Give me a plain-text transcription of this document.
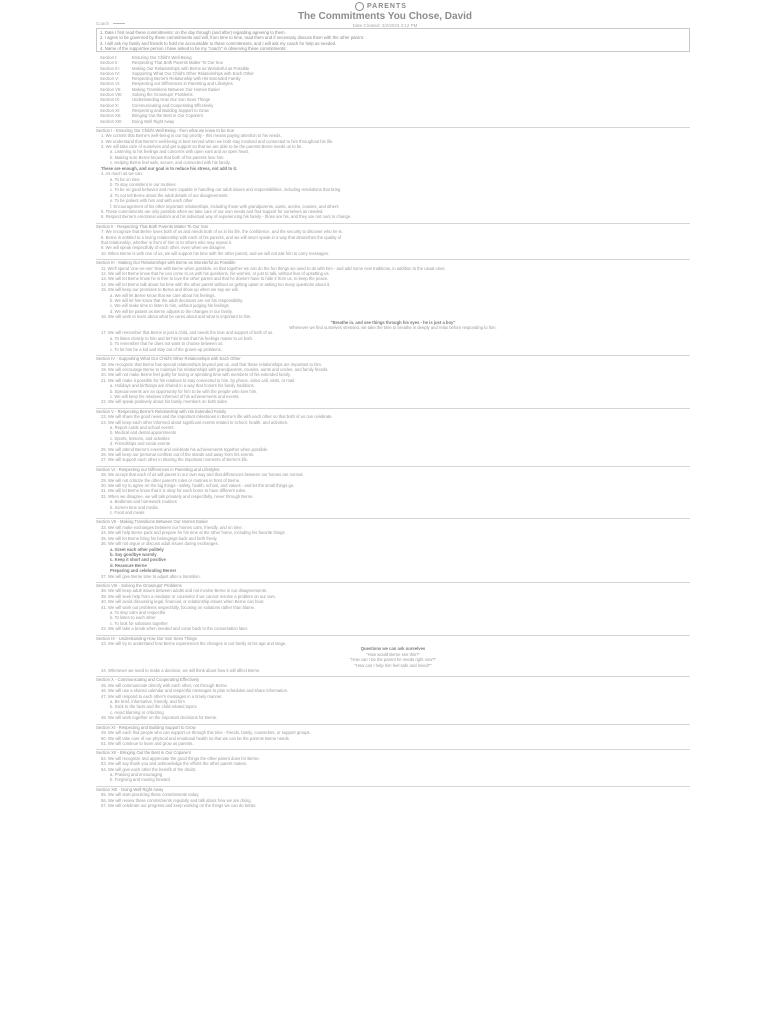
PARENTS
The Commitments You Chose, David
Coach	Date Created: 3/2/2023 3:12 PM
1. Date I first read these commitments: on the day through (and after) regarding agreeing to them.
2. I agree to be governed by these commitments and will, from time to time, read them and if necessary discuss them with the other parent.
3. I will ask my family and friends to hold me accountable to these commitments, and I will ask my coach for help as needed.
4. Name of the supportive person I have asked to be my "coach" in observing these commitments:
Section I:	Ensuring Our Child's Well-Being
Section II:	Respecting That Both Parents Matter To Our Son
Section III:	Making Our Relationships with Berne as Wonderful as Possible
Section IV:	Supporting What Our Child's Other Relationships with Each Other
Section V:	Respecting Berne's Relationship with His Extended Family
Section VI:	Respecting our Differences in Parenting and Lifestyles
Section VII:	Making Transitions Between Our Homes Easier
Section VIII:	Solving the Grownups' Problems
Section IX:	Understanding How Our Son Sees Things
Section X:	Communicating and Cooperating Effectively
Section XI:	Respecting and Building Support to Grow
Section XII:	Bringing Out the Best in Our Coparent
Section XIII:	Doing Well Right Away
Section I - Ensuring Our Child's Well-Being - from what we know to be true
1. We commit that Berne's well-being is our top priority - this means paying attention to his needs.
2. We understand that Berne's well-being is best served when we both stay involved and connected to him throughout his life.
3. We will take care of ourselves and get support so that we are able to be the parents Berne needs us to be.
a. Listening to his feelings and concerns with open ears and an open heart.
b. Making sure Berne knows that both of his parents love him.
c. Helping Berne feel safe, secure, and connected with his family.
These are enough, and our goal is to reduce his stress, not add to it.
4. As much as we can:
a. To be on time
b. To stay consistent in our routines
c. To be on good behavior and more capable in handling our adult issues and responsibilities, including resolutions that bring
d. To not tell Berne about the adult details of our disagreements
e. To be patient with him and with each other
f. Encouragement of his other important relationships, including those with grandparents, aunts, uncles, cousins, and others
5. These commitments are only possible when we take care of our own needs and find support for ourselves as needed.
6. Respect Berne's emotional wisdom and his individual way of experiencing his family - those are his, and they are not ours to change.
Section II - Respecting That Both Parents Matter To Our Son
7. We recognize that Berne loves both of us and needs both of us in his life, the confidence, and the security to discover who he is.
8. Berne is entitled to a loving relationship with each of his parents, and we will never speak in a way that diminishes the quality of
that relationship, whether in front of him or to others who may repeat it.
9. We will speak respectfully of each other, even when we disagree.
10. When Berne is with one of us, we will support his time with the other parent, and we will not ask him to carry messages.
Section III - Making Our Relationships with Berne as Wonderful as Possible
11. We'll spend 'one-on-one' time with Berne when possible, so that together we can do the fun things we used to do with him - and add some new traditions, in addition to the usual ones.
12. We will let Berne know that he can come to us with his questions, his worries, or just to talk, without fear of upsetting us.
13. We will let Berne know he is free to love the other parent and that he doesn't have to hide it from us, to keep the peace.
14. We will let Berne talk about his time with the other parent without us getting upset or asking too many questions about it.
15. We will keep our promises to Berne and show up when we say we will.
a. We will let Berne know that we care about his feelings.
b. We will let him know that the adult decisions are not his responsibility.
c. We will make time to listen to him, without judging his feelings.
d. We will be patient as Berne adjusts to the changes in our family.
16. We will work to learn about what he cares about and what is important to him.
"Breathe in, and see things through his eyes - he is just a boy"
Whenever we find ourselves stressed, we take the time to breathe in deeply and relax before responding to him.
17. We will remember that Berne is just a child, and needs the love and support of both of us.
a. To listen closely to him and let him know that his feelings matter to us both.
b. To remember that he does not want to choose between us.
c. To let him be a kid and stay out of the grown-up problems.
Section IV - Supporting What Our Child's Other Relationships with Each Other
18. We recognize that Berne has special relationships beyond just us, and that these relationships are important to him.
19. We will encourage Berne to maintain his relationships with grandparents, cousins, aunts and uncles, and family friends.
20. We will not make Berne feel guilty for loving or spending time with members of his extended family.
21. We will make it possible for his relatives to stay connected to him, by phone, video call, visits, or mail.
a. Holidays and birthdays are shared in a way that honors his family traditions.
b. Special events are an opportunity for him to be with the people who love him.
c. We will keep his relatives informed of his achievements and events.
22. We will speak positively about his family members on both sides.
Section V - Respecting Berne's Relationship with His Extended Family
23. We will share the good news and the important milestones in Berne's life with each other so that both of us can celebrate.
24. We will keep each other informed about significant events related to school, health, and activities.
a. Report cards and school events
b. Medical and dental appointments
c. Sports, lessons, and activities
d. Friendships and social events
25. We will attend Berne's events and celebrate his achievements together when possible.
26. We will keep our personal conflicts out of the stands and away from his events.
27. We will support each other in sharing the important moments of Berne's life.
Section VI - Respecting our Differences in Parenting and Lifestyles
28. We accept that each of us will parent in our own way and that differences between our homes are normal.
29. We will not criticize the other parent's rules or routines in front of Berne.
30. We will try to agree on the big things - safety, health, school, and values - and let the small things go.
31. We will let Berne know that it is okay for each home to have different rules.
32. When we disagree, we will talk privately and respectfully, never through Berne.
a. Bedtimes and homework routines
b. Screen time and media
c. Food and meals
Section VII - Making Transitions Between Our Homes Easier
33. We will make exchanges between our homes calm, friendly, and on time.
34. We will help Berne pack and prepare for his time at the other home, including his favorite things.
35. We will let Berne bring his belongings back and forth freely.
36. We will not argue or discuss adult issues during exchanges.
a. Greet each other politely
b. Say goodbye warmly
c. Keep it short and positive
d. Reassure Berne
Preparing and celebrating Berne!
37. We will give Berne time to adjust after a transition.
Section VIII - Solving the Grownups' Problems
38. We will keep adult issues between adults and not involve Berne in our disagreements.
39. We will seek help from a mediator or counselor if we cannot resolve a problem on our own.
40. We will avoid discussing legal, financial, or relationship issues when Berne can hear.
41. We will work out problems respectfully, focusing on solutions rather than blame.
a. To stay calm and respectful
b. To listen to each other
c. To look for solutions together
42. We will take a break when needed and come back to the conversation later.
Section IX - Understanding How Our Son Sees Things
43. We will try to understand how Berne experiences the changes in our family at his age and stage.
Questions we can ask ourselves
"How would Berne see this?"
"How can I be the parent he needs right now?"
"How can I help him feel safe and loved?"
44. Whenever we need to make a decision, we will think about how it will affect Berne.
Section X - Communicating and Cooperating Effectively
45. We will communicate directly with each other, not through Berne.
46. We will use a shared calendar and respectful messages to plan schedules and share information.
47. We will respond to each other's messages in a timely manner.
a. Be brief, informative, friendly, and firm
b. Stick to the facts and the child-related topics
c. Avoid blaming or criticizing
48. We will work together on the important decisions for Berne.
Section XI - Respecting and Building Support to Grow
49. We will each find people who can support us through this time - friends, family, counselors, or support groups.
50. We will take care of our physical and emotional health so that we can be the parents Berne needs.
51. We will continue to learn and grow as parents.
Section XII - Bringing Out the Best in Our Coparent
52. We will recognize and appreciate the good things the other parent does for Berne.
53. We will say thank you and acknowledge the efforts the other parent makes.
54. We will give each other the benefit of the doubt.
a. Praising and encouraging
b. Forgiving and moving forward
Section XIII - Doing Well Right Away
55. We will start practicing these commitments today.
56. We will review these commitments regularly and talk about how we are doing.
57. We will celebrate our progress and keep working on the things we can do better.
